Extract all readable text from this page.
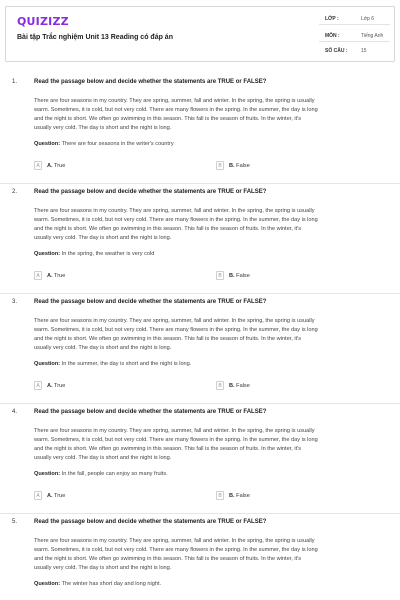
QUIZIZZ
Bài tập Trắc nghiệm Unit 13 Reading có đáp án
LỚP :	Lớp 6
MÔN :	Tiếng Anh
SỐ CÂU :	15
1.	Read the passage below and decide whether the statements are TRUE or FALSE?
There are four seasons in my country. They are spring, summer, fall and winter. In the spring, the spring is usually
warm. Sometimes, it is cold, but not very cold. There are many flowers in the spring. In the summer, the day is long
and the night is short. We often go swimming in this season. This fall is the season of fruits. In the winter, it's
usually very cold. The day is short and the night is long.
Question: There are four seasons in the writer's country
A	A. True	B	B. False
2.	Read the passage below and decide whether the statements are TRUE or FALSE?
There are four seasons in my country. They are spring, summer, fall and winter. In the spring, the spring is usually
warm. Sometimes, it is cold, but not very cold. There are many flowers in the spring. In the summer, the day is long
and the night is short. We often go swimming in this season. This fall is the season of fruits. In the winter, it's
usually very cold. The day is short and the night is long.
Question: In the spring, the weather is very cold
A	A. True	B	B. False
3.	Read the passage below and decide whether the statements are TRUE or FALSE?
There are four seasons in my country. They are spring, summer, fall and winter. In the spring, the spring is usually
warm. Sometimes, it is cold, but not very cold. There are many flowers in the spring. In the summer, the day is long
and the night is short. We often go swimming in this season. This fall is the season of fruits. In the winter, it's
usually very cold. The day is short and the night is long.
Question: In the summer, the day is short and the night is long.
A	A. True	B	B. False
4.	Read the passage below and decide whether the statements are TRUE or FALSE?
There are four seasons in my country. They are spring, summer, fall and winter. In the spring, the spring is usually
warm. Sometimes, it is cold, but not very cold. There are many flowers in the spring. In the summer, the day is long
and the night is short. We often go swimming in this season. This fall is the season of fruits. In the winter, it's
usually very cold. The day is short and the night is long.
Question: In the fall, people can enjoy so many fruits.
A	A. True	B	B. False
5.	Read the passage below and decide whether the statements are TRUE or FALSE?
There are four seasons in my country. They are spring, summer, fall and winter. In the spring, the spring is usually
warm. Sometimes, it is cold, but not very cold. There are many flowers in the spring. In the summer, the day is long
and the night is short. We often go swimming in this season. This fall is the season of fruits. In the winter, it's
usually very cold. The day is short and the night is long.
Question: The winter has short day and long night.
